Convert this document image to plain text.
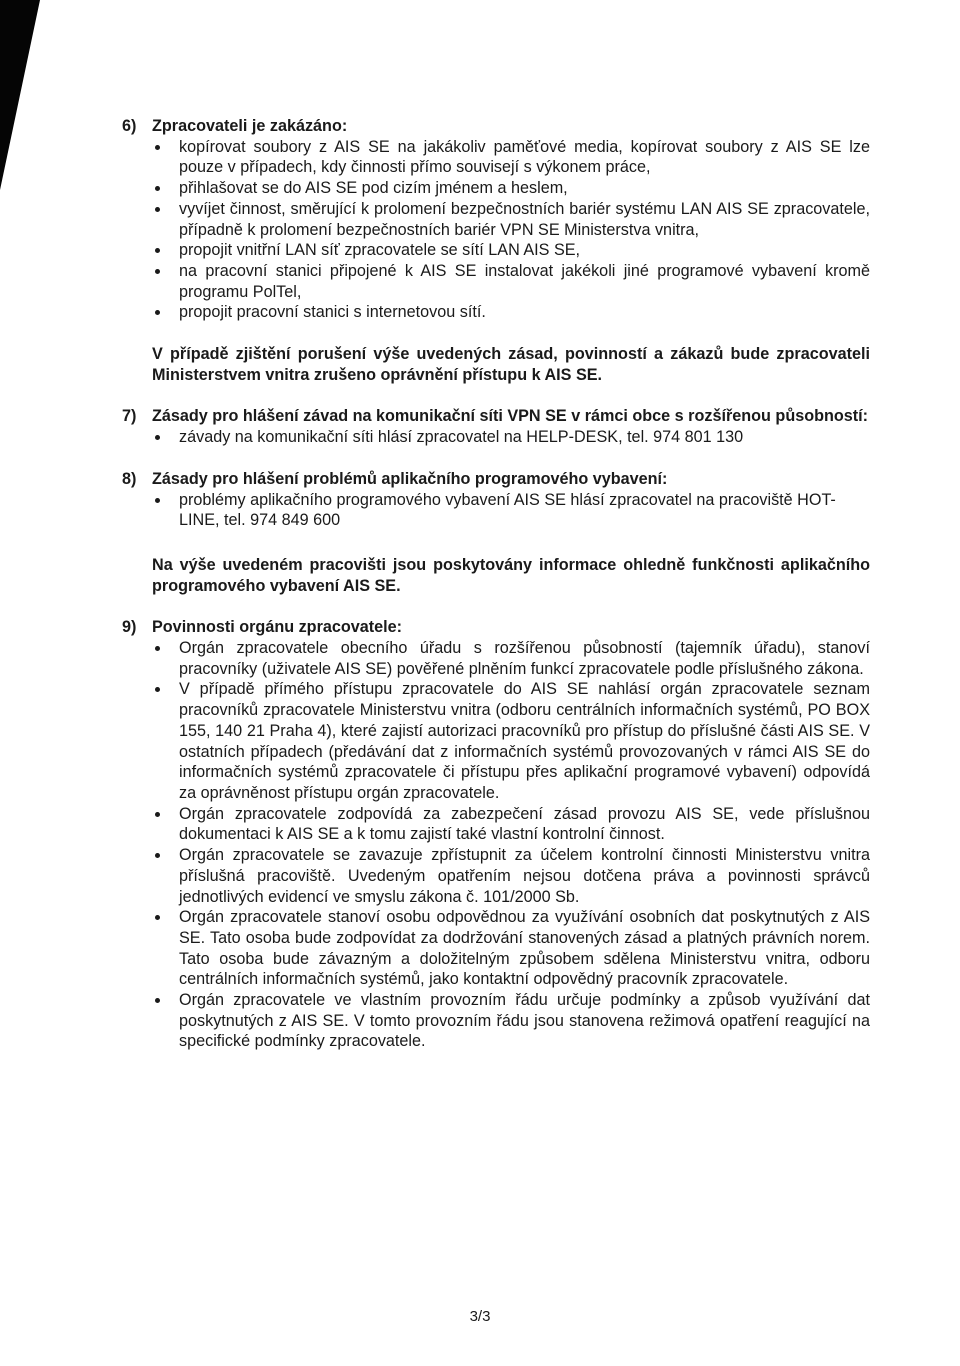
6) Zpracovateli je zakázáno:
kopírovat soubory z AIS SE na jakákoliv paměťové media, kopírovat soubory z AIS SE lze pouze v případech, kdy činnosti přímo souvisejí s výkonem práce,
přihlašovat se do AIS SE pod cizím jménem a heslem,
vyvíjet činnost, směrující k prolomení bezpečnostních bariér systému LAN AIS SE zpracovatele, případně k prolomení bezpečnostních bariér VPN SE Ministerstva vnitra,
propojit vnitřní LAN síť zpracovatele se sítí LAN AIS SE,
na pracovní stanici připojené k AIS SE instalovat jakékoli jiné programové vybavení kromě programu PolTel,
propojit pracovní stanici s internetovou sítí.
V případě zjištění porušení výše uvedených zásad, povinností a zákazů bude zpracovateli Ministerstvem vnitra zrušeno oprávnění přístupu k AIS SE.
7) Zásady pro hlášení závad na komunikační síti VPN SE v rámci obce s rozšířenou působností:
závady na komunikační síti hlásí zpracovatel na HELP-DESK, tel. 974 801 130
8) Zásady pro hlášení problémů aplikačního programového vybavení:
problémy aplikačního programového vybavení AIS SE hlásí zpracovatel na pracoviště HOT-LINE, tel. 974 849 600
Na výše uvedeném pracovišti jsou poskytovány informace ohledně funkčnosti aplikačního programového vybavení AIS SE.
9) Povinnosti orgánu zpracovatele:
Orgán zpracovatele obecního úřadu s rozšířenou působností (tajemník úřadu), stanoví pracovníky (uživatele AIS SE) pověřené plněním funkcí zpracovatele podle příslušného zákona.
V případě přímého přístupu zpracovatele do AIS SE nahlásí orgán zpracovatele seznam pracovníků zpracovatele Ministerstvu vnitra (odboru centrálních informačních systémů, PO BOX 155, 140 21 Praha 4), které zajistí autorizaci pracovníků pro přístup do příslušné části AIS SE. V ostatních případech (předávání dat z informačních systémů provozovaných v rámci AIS SE do informačních systémů zpracovatele či přístupu přes aplikační programové vybavení) odpovídá za oprávněnost přístupu orgán zpracovatele.
Orgán zpracovatele zodpovídá za zabezpečení zásad provozu AIS SE, vede příslušnou dokumentaci k AIS SE a k tomu zajistí také vlastní kontrolní činnost.
Orgán zpracovatele se zavazuje zpřístupnit za účelem kontrolní činnosti Ministerstvu vnitra příslušná pracoviště. Uvedeným opatřením nejsou dotčena práva a povinnosti správců jednotlivých evidencí ve smyslu zákona č. 101/2000 Sb.
Orgán zpracovatele stanoví osobu odpovědnou za využívání osobních dat poskytnutých z AIS SE. Tato osoba bude zodpovídat za dodržování stanovených zásad a platných právních norem. Tato osoba bude závazným a doložitelným způsobem sdělena Ministerstvu vnitra, odboru centrálních informačních systémů, jako kontaktní odpovědný pracovník zpracovatele.
Orgán zpracovatele ve vlastním provozním řádu určuje podmínky a způsob využívání dat poskytnutých z AIS SE. V tomto provozním řádu jsou stanovena režimová opatření reagující na specifické podmínky zpracovatele.
3/3
